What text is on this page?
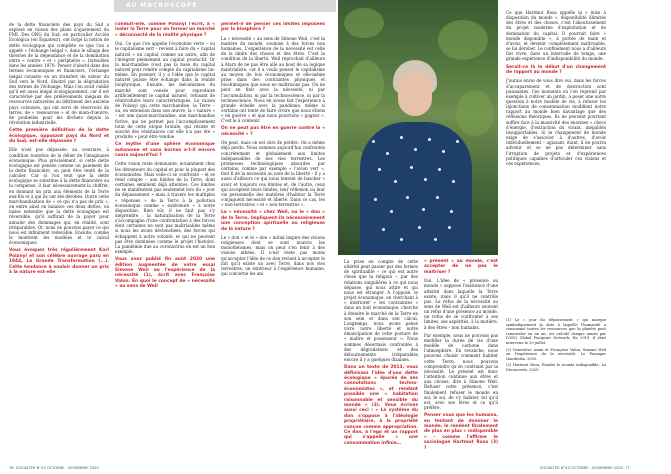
AU MACROSCOPE

de la dette financière des pays du Sud a explosé en raison des plans d'ajustement du FMI. Des ONG du Sud, en particulier Acción Ecológica (en Équateur), ont forgé la notion de dette écologique qui complète ce que l'on a appelé « l'échange inégal », dans le sillage des théories de la dépendance et de la domination entre « centre » et « périphérie », formulées dans les années 1970. Penser d'abord dans des termes économiques et financiers, l'échange inégal consiste en un transfert de valeur du Sud vers le Nord, illustré par la dégradation des termes de l'échange. Mais l'on avait oublié qu'il est aussi inégal écologiquement, car il est caractérisé par des prélèvements inégaux de ressources naturelles au détriment des anciens pays colonisés, qui ont servi de réservoirs de terres, de « ressources » et de main-d'œuvre, de poubelles pour les déchets depuis la révolution industrielle.

Cette première définition de la dette écologique, opposant pays du Nord et du Sud, est-elle dépassée ?

Elle n'est pas dépassée, au contraire, à condition toutefois de la délier de l'imaginaire économique. Plus précisément, si cette dette écologique est pensée comme un paiement de la dette financière, on peut être tenté de la calculer. Car si l'on veut que la dette écologique se substitue à la dette financière ou la compense, il faut nécessairement la chiffrer, en donnant un prix aux éléments de la Terre eux-fils et à qui ils ont été dérobés. Outre cette marchandisation de « ce qui n'a pas de prix », on entre ainsi en balance ces deux dettes, on laisse entendre que la dette écologique est réversible, qu'il suffirait de la payer pour annuler des dommages qui, en réalité, sont irréparables. Or, nous ne pouvons payer ce qui nous est infiniment redevable. Ensuite, comme le montrent les modèles et le calcul économiques.

Vous évoquez très régulièrement Karl Polanyi et son célèbre ouvrage paru en 1944, La Grande Transformation (...). Cette tendance à vouloir donner un prix à la nature est-elle

conduit-elle, comme Polanyi l'écrit, à « isoler la Terre pour en former un marché » déconnecté de la réalité physique ?

Oui. Ce que l'on appelle l'économie verte – ou le capitalisme vert – revient à faire du « capital naturel » un capital comme un autre, afin de l'intégrer pleinement au capital productif. Or la marchandise n'est pas la base du capital naturel pour rendre compte du capitalisme lui-même. En premier, il y a l'idée que le capital naturel puisse être échangé dans la réalité biophysique. Ensuite, les mécanismes du marché sont censés pour reproduire artificiellement le capital naturel, refusant de réintroduire leurs caractéristiques. Le raison de Polanyi qui cette marchandise, la Terre – ou, en extension dans son œuvre, la « nature » – est une quasi-marchandise, une marchandise fictive, qui ne permet pas l'accomplissement total de cette utopie brutale, qui résiste et suscite des résistances car elle n'a pas été « produite » pour être vendue.

Ce mythe d'une sphère économique autonome et sans bornes a-t-il encore cours aujourd'hui ?

Cette vision reste dominante, notamment chez les détenteurs du capital et pour la plupart des économistes. Mais celle-ci se confronte – et se rend compte – aux limites de la Terre, dont certaines semblent déjà atteintes. Ces limites ne se manifestent pas seulement lors du « jour du dépassement » mais à travers les multiples « réponses » de la Terre à la pollution économique comme « extérieure » à notre disposition. Bien sûr, il ne faut pas s'y méprendre : la naturalisation de la Terre s'accompagne d'une confrontation à des forces dont certaines ne sont pas maîtrisables même si nous les avons déclenchées, des forces qui échappent à notre volonté, et qui ne peuvent pas être dominées comme le projet l'histoire. La pandémie due au coronavirus en est un bon exemple.

Vous avez publié fin août 2020 une édition augmentée de votre essai Simone Weil ou l'expérience de la nécessité (1), écrit avec Françoise Valon. En quoi le concept de « nécessité » au sens de Weil

permet-il de penser ces limites imposées par la biosphère ?

La « nécessité » au sens de Simone Weil, c'est la matière du monde, soumise à des forces non humaines. L'expérience de la nécessité est celle de la limite des choses et des êtres. C'est la condition de la liberté. Weil reprochait d'ailleurs à Marx de ne pas être allé au bout de sa logique matérialiste, car il a voulu penser le capitalisme au moyen de lois économiques et elle-même prise dans des contraintes physiques et biochimiques que nous ne maîtrisons pas. On ne peut en finir avec la nécessité, ni par l'accumulation, ni par la technoscience, ni par la technoscience. Nous en avons fait l'expérience à grande échelle avec la pandémie, même si certains ont tenté de faire croire que nous étions « en guerre » et que nous pourrions « gagner ». C'est le à contenir.

On ne peut pas être en guerre contre la « nécessité » ?

On peut, mais on est sûrs de perdre. On a même déjà perdu. Nous sommes aujourd'hui confrontés concrètement et globalement aux limites indépassables de nos vies terrestres. Les promesses technologiques absurdes par certains, comme par exemple « l'avion vert », font fi de la nécessité au nom de la liberté – il y a aussi d'ailleurs ce qui nous tentent de bascher « avoir et toujours ces limites et, de l'autre, ceux qui acceptent leurs limites, leur réflexion ou leur vie personnelle des matières d'habiter la Terre conjuguent nécessité et liberté. Dans ce cas, les « non-terrestres » et « non-terrestres ».

La « nécessité » chez Weil, ou le « don » de la Terre, impliquent-ils nécessairement une conception spirituelle ou religieuse de la nature ?

Le « don » et le « don » initial inspire des visions religieuses dont se sont nourris les monothéismes, mais on peut s'en tenir à des visions athées. Il n'est reste pas moins qu'accepter l'idée de ce don revient à accepter le fait qu'il existe un avec Terre, dans nos vies terrestres, un extérieur à l'expérience humaine, qui concerne les ani

76 SOCIALTER N°43 OCTOBRE - NOVEMBRE 2020

La prise en compte de cette altérité peut passer par des formes de spiritualité – ce qui est autre chose que la religion –, par des relations singulières à ce qui nous dépasse, qui nous attire et qui nous est étranger. À l'opposé, le projet économique, en cherchant à « intériorer » les contraintes « dans un tout économique, cherche à étendre le marché de la Terre en son sein et dans son calcul. Longtemps, nous avons pensé vivre notre liberté et notre émancipation de cette posture de « maître et possesseur ». Nous sommes désormais confrontés à des dégradations et des détournements irréparables encore il y a quelques dizaines.

Dans un texte de 2013, vous définissez l'idée d'une dette écologique « épurée de ses connotations techno-économistes », et rendant possible une « habitation raisonnable et sensible du monde » (3). Vous écrivez aussi ceci : « Le système du don s'oppose à l'idéologie propriétaire, à la propriété conçue comme appropriation. Ce don, à l'ego et un rapport qui s'appelle « une consommation infinie…

« présent » au monde, c'est accepter de ne pas le maîtriser ?

Oui. L'idée de « présence au monde » suppose l'existence d'une altérité dans laquelle la Terre existe, mais il qu'il ne contrôle pas. Le refus de la nécessité au sens de Weil est d'ailleurs souvent un refus d'une présence au monde, un refus de se confronter à ses limites, ses aspérités, à la matière, à des êtres – non humains.

Par exemple, nous ne pouvons pas modifier la durée de vie d'une modèle de carbone dans l'atmosphère. En revanche, nous pouvons choisir comment habiter cette Terre, nous pouvons comprendre qu'on contraint par la nécessité. Le présent est donc l'attention continue aux êtres et aux choses, dire à Simone Weil. Refuser cette présence, c'est finalement refuser le monde en soi, le soi, de s'y habiter, tel qu'il est, avec ses êtres et ce qu'il préfère.

Penser vous que les humains, en tentant de dominer le monde, le rendent finalement de plus en plus « indisponible » – comme l'affirme le sociologue Hartmut Rosa (3) ?

Ce que Hartmut Rosa appelle la « mise à disposition du monde », disponibilité illimitée des êtres et des choses, c'est l'aboutissement du projet moderne d'exploitation et de domination du capital. Il pourrait faire « monde disponible », à portée de main et d'avoir, et devenir complètement maîtrisable, se lui dérober. Le confinement nous a d'ailleurs fait vivre, dans un intervalle de temps, une grande expérience d'indisponibilité du monde.

Serait-ce là le début d'un changement de rapport au monde ?

J'aurais envie de vous dire oui, mais les forces d'accaparement et de destruction sont puissantes. Ces moments où l'on reprend par exemple à cultiver un jardin, à poser une autre question à notre modèle de vie, à refuser les injonctions de consommation modifient notre rapport au monde bien davantage que des réflexions théoriques. Ils ne peuvent pourtant suffire face à la massivité des énormes « chocs d'énergie, d'extraction du vivant, inégalités insupportables. Si le changement de monde exige de s'associer à d'autres, d'avoir individuellement – agissant, étant, il ne pourra advenir et se ne pas déterminer sans l'irruption de projets et d'expériences politiques capables d'articuler ces visions et ces expériences.

(1) Le « jour du dépassement » qui marque symboliquement la date à laquelle l'humanité a consommé toutes les ressources que la planète peut renouveler en un an, est calculé chaque année par l'ONG Global Footprint Network. En 2019, il était intervenu le 29 juillet.

(2) Geneviève Azam et Françoise Valon, Simone Weil ou l'expérience de la nécessité, Le Passager clandestin, 2020.

(3) Hartmut Rosa, Rendre le monde indisponible, La Découverte, 2020.

SOCIALTER N°43 OCTOBRE - NOVEMBRE 2020 77
